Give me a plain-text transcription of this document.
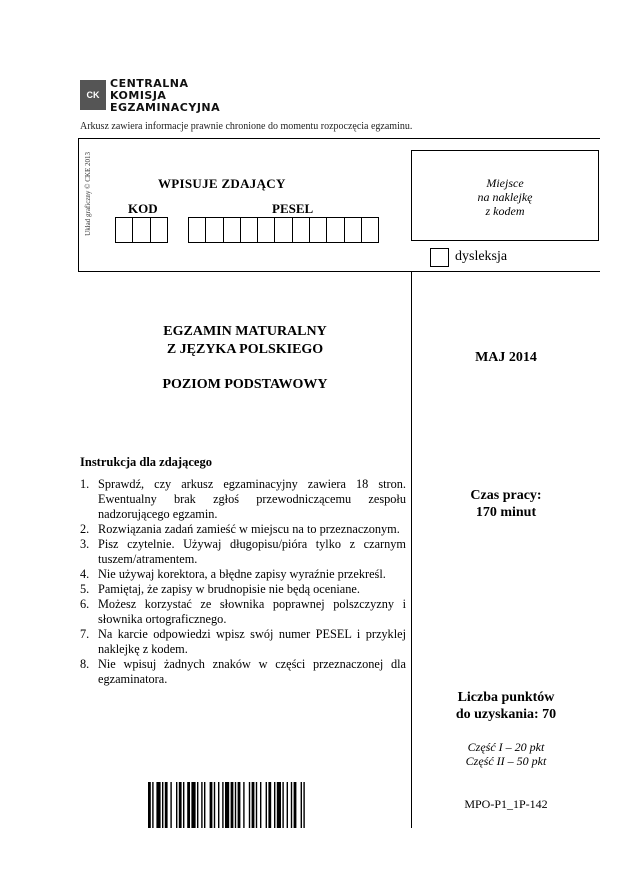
CK
CENTRALNA
KOMISJA
EGZAMINACYJNA
Arkusz zawiera informacje prawnie chronione do momentu rozpoczęcia egzaminu.
Układ graficzny © CKE 2013	WPISUJE ZDAJĄCY
KOD	PESEL
Miejsce
na naklejkę
z kodem
dysleksja
EGZAMIN MATURALNY
Z JĘZYKA POLSKIEGO
POZIOM PODSTAWOWY
MAJ 2014
Instrukcja dla zdającego
1. Sprawdź, czy arkusz egzaminacyjny zawiera 18 stron. Ewentualny brak zgłoś przewodniczącemu zespołu nadzorującego egzamin.
2. Rozwiązania zadań zamieść w miejscu na to przeznaczonym.
3. Pisz czytelnie. Używaj długopisu/pióra tylko z czarnym tuszem/atramentem.
4. Nie używaj korektora, a błędne zapisy wyraźnie przekreśl.
5. Pamiętaj, że zapisy w brudnopisie nie będą oceniane.
6. Możesz korzystać ze słownika poprawnej polszczyzny i słownika ortograficznego.
7. Na karcie odpowiedzi wpisz swój numer PESEL i przyklej naklejkę z kodem.
8. Nie wpisuj żadnych znaków w części przeznaczonej dla egzaminatora.
Czas pracy:
170 minut
Liczba punktów
do uzyskania: 70
Część I – 20 pkt
Część II – 50 pkt
MPO-P1_1P-142
